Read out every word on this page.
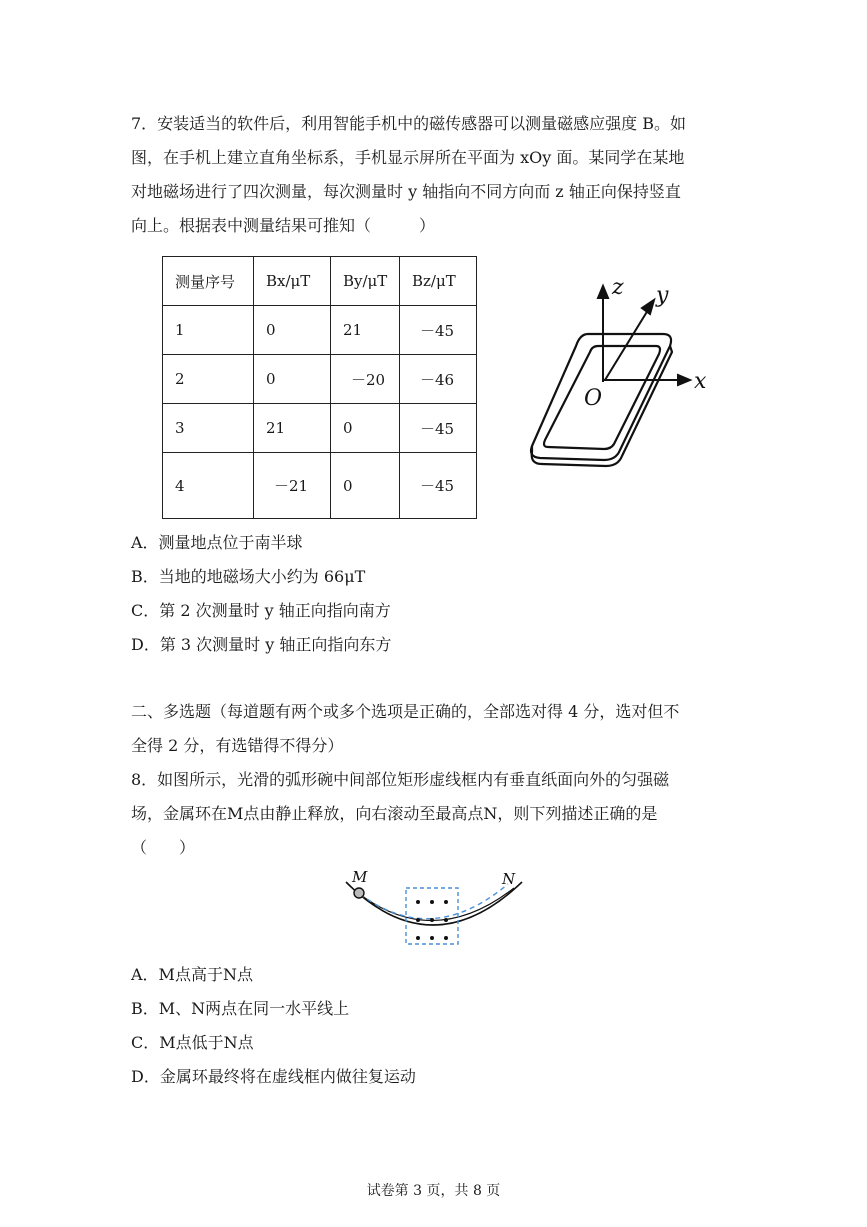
7．安装适当的软件后，利用智能手机中的磁传感器可以测量磁感应强度 B。如
图，在手机上建立直角坐标系，手机显示屏所在平面为 xOy 面。某同学在某地
对地磁场进行了四次测量，每次测量时 y 轴指向不同方向而 z 轴正向保持竖直
向上。根据表中测量结果可推知（　　　）
测量序号	Bx/μT	By/μT	Bz/μT
1	0	21	－45
2	0	－20	－46
3	21	0	－45
4	－21	0	－45
z y
x
O
A．测量地点位于南半球
B．当地的地磁场大小约为 66μT
C．第 2 次测量时 y 轴正向指向南方
D．第 3 次测量时 y 轴正向指向东方
二、多选题（每道题有两个或多个选项是正确的，全部选对得 4 分，选对但不
全得 2 分，有选错得不得分）
8．如图所示，光滑的弧形碗中间部位矩形虚线框内有垂直纸面向外的匀强磁
场，金属环在M点由静止释放，向右滚动至最高点N，则下列描述正确的是
（　　）
M	N
A．M点高于N点
B．M、N两点在同一水平线上
C．M点低于N点
D．金属环最终将在虚线框内做往复运动
试卷第 3 页，共 8 页
